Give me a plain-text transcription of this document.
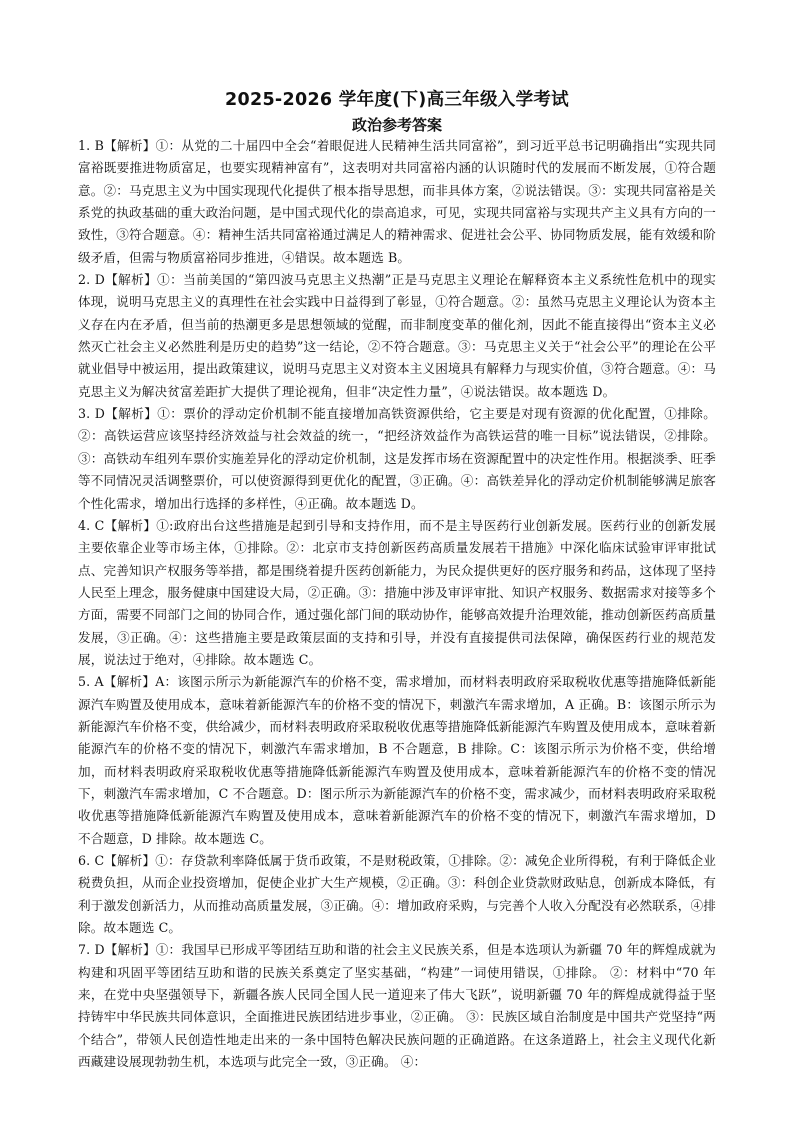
2025-2026 学年度(下)高三年级入学考试
政治参考答案

1. B【解析】①：从党的二十届四中全会“着眼促进人民精神生活共同富裕”，到习近平总书记明确指出“实现共同富裕既要推进物质富足，也要实现精神富有”，这表明对共同富裕内涵的认识随时代的发展而不断发展，①符合题意。②：马克思主义为中国实现现代化提供了根本指导思想，而非具体方案，②说法错误。③：实现共同富裕是关系党的执政基础的重大政治问题，是中国式现代化的崇高追求，可见，实现共同富裕与实现共产主义具有方向的一致性，③符合题意。④：精神生活共同富裕通过满足人的精神需求、促进社会公平、协同物质发展，能有效缓和阶级矛盾，但需与物质富裕同步推进，④错误。故本题选 B。

2. D【解析】①：当前美国的“第四波马克思主义热潮”正是马克思主义理论在解释资本主义系统性危机中的现实体现，说明马克思主义的真理性在社会实践中日益得到了彰显，①符合题意。②：虽然马克思主义理论认为资本主义存在内在矛盾，但当前的热潮更多是思想领域的觉醒，而非制度变革的催化剂，因此不能直接得出“资本主义必然灭亡社会主义必然胜利是历史的趋势”这一结论，②不符合题意。③：马克思主义关于“社会公平”的理论在公平就业倡导中被运用，提出政策建议，说明马克思主义对资本主义困境具有解释力与现实价值，③符合题意。④：马克思主义为解决贫富差距扩大提供了理论视角，但非“决定性力量”，④说法错误。故本题选 D。

3. D【解析】①：票价的浮动定价机制不能直接增加高铁资源供给，它主要是对现有资源的优化配置，①排除。②：高铁运营应该坚持经济效益与社会效益的统一，“把经济效益作为高铁运营的唯一目标”说法错误，②排除。③：高铁动车组列车票价实施差异化的浮动定价机制，这是发挥市场在资源配置中的决定性作用。根据淡季、旺季等不同情况灵活调整票价，可以使资源得到更优化的配置，③正确。④：高铁差异化的浮动定价机制能够满足旅客个性化需求，增加出行选择的多样性，④正确。故本题选 D。

4. C【解析】①:政府出台这些措施是起到引导和支持作用，而不是主导医药行业创新发展。医药行业的创新发展主要依靠企业等市场主体，①排除。②：北京市支持创新医药高质量发展若干措施》中深化临床试验审评审批试点、完善知识产权服务等举措，都是围绕着提升医药创新能力，为民众提供更好的医疗服务和药品，这体现了坚持人民至上理念，服务健康中国建设大局，②正确。③：措施中涉及审评审批、知识产权服务、数据需求对接等多个方面，需要不同部门之间的协同合作，通过强化部门间的联动协作，能够高效提升治理效能，推动创新医药高质量发展，③正确。④：这些措施主要是政策层面的支持和引导，并没有直接提供司法保障，确保医药行业的规范发展，说法过于绝对，④排除。故本题选 C。

5. A【解析】A：该图示所示为新能源汽车的价格不变，需求增加，而材料表明政府采取税收优惠等措施降低新能源汽车购置及使用成本，意味着新能源汽车的价格不变的情况下，刺激汽车需求增加，A 正确。B：该图示所示为新能源汽车价格不变，供给减少，而材料表明政府采取税收优惠等措施降低新能源汽车购置及使用成本，意味着新能源汽车的价格不变的情况下，刺激汽车需求增加，B 不合题意，B 排除。C：该图示所示为价格不变，供给增加，而材料表明政府采取税收优惠等措施降低新能源汽车购置及使用成本，意味着新能源汽车的价格不变的情况下，刺激汽车需求增加，C 不合题意。D：图示所示为新能源汽车的价格不变，需求减少，而材料表明政府采取税收优惠等措施降低新能源汽车购置及使用成本，意味着新能源汽车的价格不变的情况下，刺激汽车需求增加，D 不合题意，D 排除。故本题选 C。

6. C【解析】①：存贷款利率降低属于货币政策，不是财税政策，①排除。②：减免企业所得税，有利于降低企业税费负担，从而企业投资增加，促使企业扩大生产规模，②正确。③：科创企业贷款财政贴息，创新成本降低，有利于激发创新活力，从而推动高质量发展，③正确。④：增加政府采购，与完善个人收入分配没有必然联系，④排除。故本题选 C。

7. D【解析】①：我国早已形成平等团结互助和谐的社会主义民族关系，但是本选项认为新疆 70 年的辉煌成就为构建和巩固平等团结互助和谐的民族关系奠定了坚实基础，“构建”一词使用错误，①排除。 ②：材料中“70 年来，在党中央坚强领导下，新疆各族人民同全国人民一道迎来了伟大飞跃”，说明新疆 70 年的辉煌成就得益于坚持铸牢中华民族共同体意识，全面推进民族团结进步事业，②正确。 ③：民族区域自治制度是中国共产党坚持“两个结合”，带领人民创造性地走出来的一条中国特色解决民族问题的正确道路。在这条道路上，社会主义现代化新西藏建设展现勃勃生机，本选项与此完全一致，③正确。 ④：
